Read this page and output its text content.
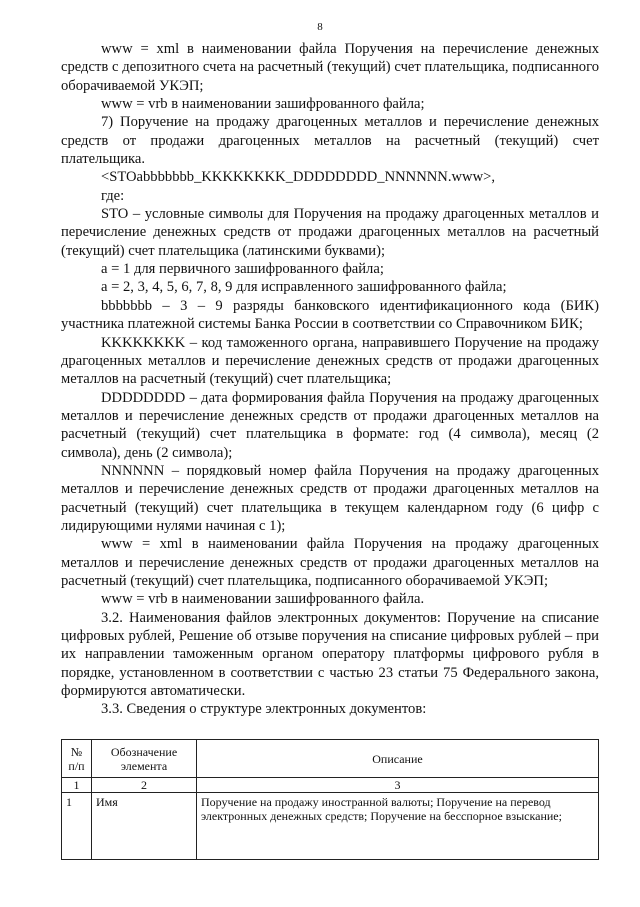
8

www = xml в наименовании файла Поручения на перечисление денежных средств с депозитного счета на расчетный (текущий) счет плательщика, подписанного оборачиваемой УКЭП;

www = vrb в наименовании зашифрованного файла;

7) Поручение на продажу драгоценных металлов и перечисление денежных средств от продажи драгоценных металлов на расчетный (текущий) счет плательщика.

<STOabbbbbbb_KKKKKKKK_DDDDDDDD_NNNNNN.www>,

где:

STO – условные символы для Поручения на продажу драгоценных металлов и перечисление денежных средств от продажи драгоценных металлов на расчетный (текущий) счет плательщика (латинскими буквами);

a = 1 для первичного зашифрованного файла;

a = 2, 3, 4, 5, 6, 7, 8, 9 для исправленного зашифрованного файла;

bbbbbbb – 3 – 9 разряды банковского идентификационного кода (БИК) участника платежной системы Банка России в соответствии со Справочником БИК;

KKKKKKKK – код таможенного органа, направившего Поручение на продажу драгоценных металлов и перечисление денежных средств от продажи драгоценных металлов на расчетный (текущий) счет плательщика;

DDDDDDDD – дата формирования файла Поручения на продажу драгоценных металлов и перечисление денежных средств от продажи драгоценных металлов на расчетный (текущий) счет плательщика в формате: год (4 символа), месяц (2 символа), день (2 символа);

NNNNNN – порядковый номер файла Поручения на продажу драгоценных металлов и перечисление денежных средств от продажи драгоценных металлов на расчетный (текущий) счет плательщика в текущем календарном году (6 цифр с лидирующими нулями начиная с 1);

www = xml в наименовании файла Поручения на продажу драгоценных металлов и перечисление денежных средств от продажи драгоценных металлов на расчетный (текущий) счет плательщика, подписанного оборачиваемой УКЭП;

www = vrb в наименовании зашифрованного файла.

3.2. Наименования файлов электронных документов: Поручение на списание цифровых рублей, Решение об отзыве поручения на списание цифровых рублей – при их направлении таможенным органом оператору платформы цифрового рубля в порядке, установленном в соответствии с частью 23 статьи 75 Федерального закона, формируются автоматически.

3.3. Сведения о структуре электронных документов:

№ п/п	Обозначение элемента	Описание
1	2	3
1	Имя	Поручение на продажу иностранной валюты; Поручение на перевод электронных денежных средств; Поручение на бесспорное взыскание;
